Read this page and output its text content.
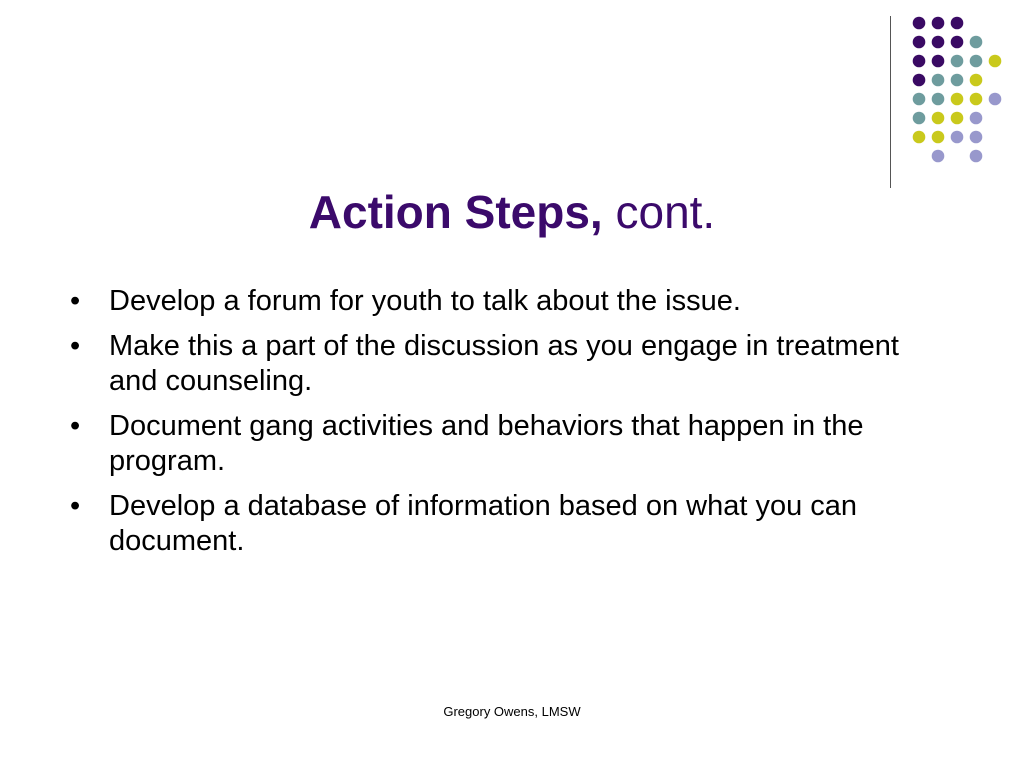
Action Steps, cont.
• Develop a forum for youth to talk about the issue.
• Make this a part of the discussion as you engage in treatment and counseling.
• Document gang activities and behaviors that happen in the program.
• Develop a database of information based on what you can document.
Gregory Owens, LMSW
